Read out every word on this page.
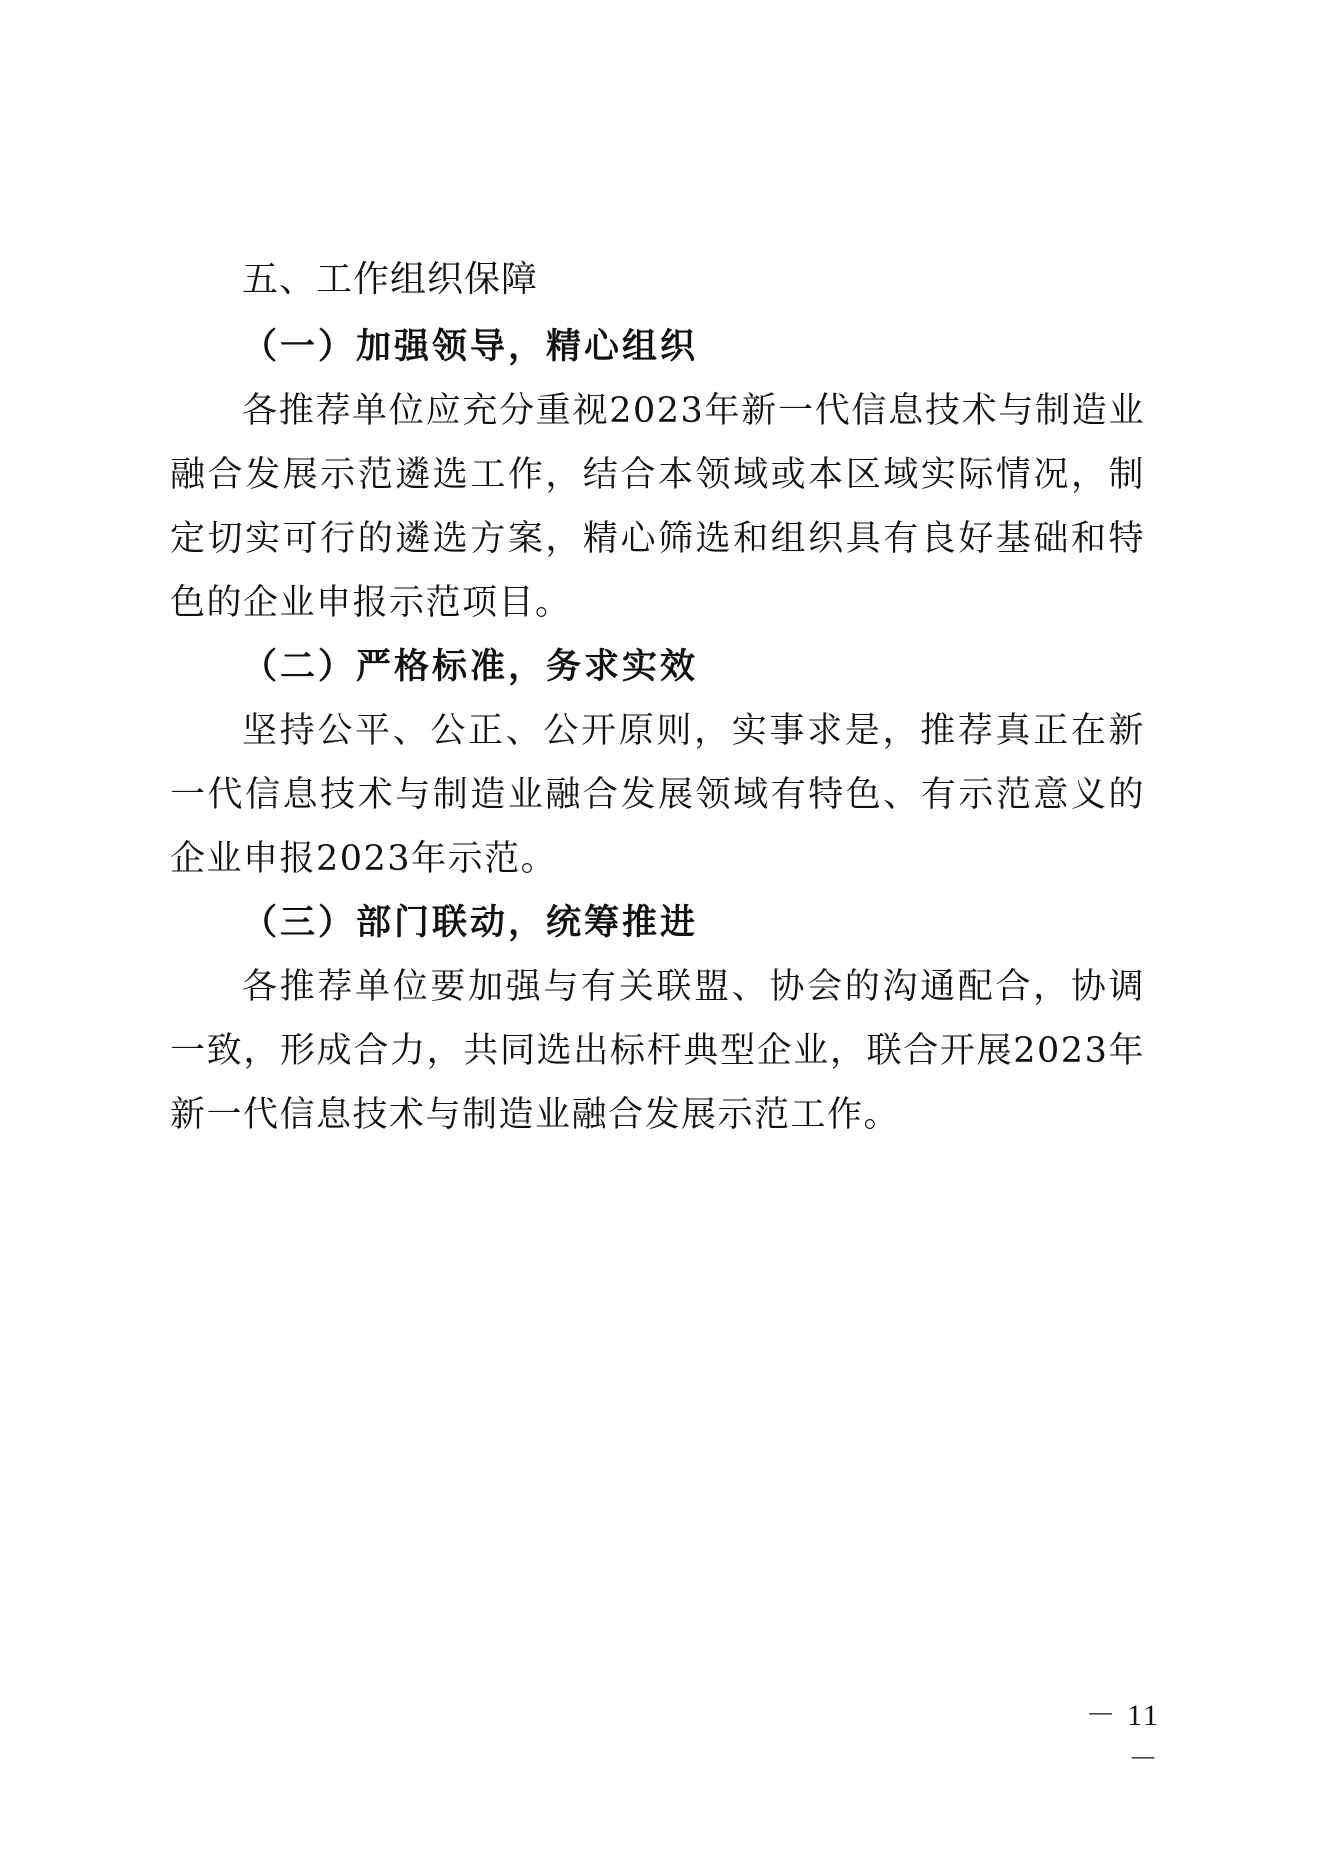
五、工作组织保障
（一）加强领导，精心组织

各推荐单位应充分重视2023年新一代信息技术与制造业融合发展示范遴选工作，结合本领域或本区域实际情况，制定切实可行的遴选方案，精心筛选和组织具有良好基础和特色的企业申报示范项目。

（二）严格标准，务求实效

坚持公平、公正、公开原则，实事求是，推荐真正在新一代信息技术与制造业融合发展领域有特色、有示范意义的企业申报2023年示范。

（三）部门联动，统筹推进

各推荐单位要加强与有关联盟、协会的沟通配合，协调一致，形成合力，共同选出标杆典型企业，联合开展2023年新一代信息技术与制造业融合发展示范工作。

－ 11 －
